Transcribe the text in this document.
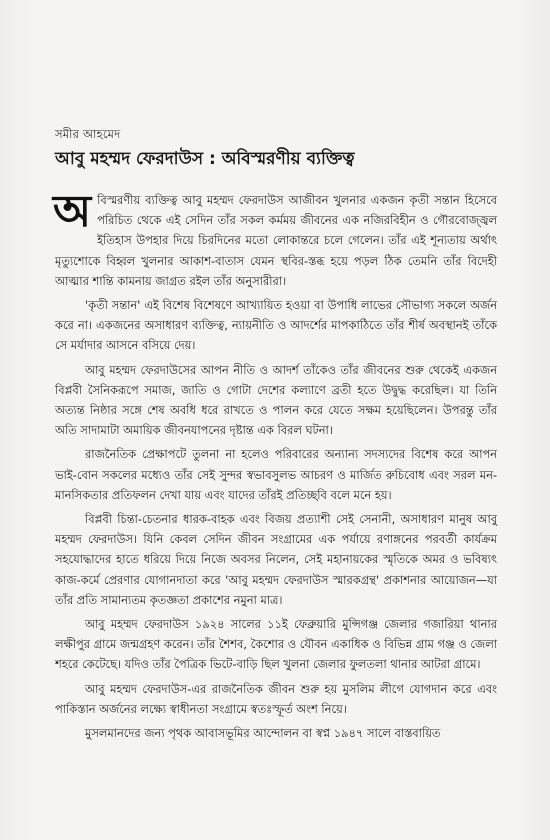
সমীর আহমেদ
আবু মহম্মদ ফেরদাউস : অবিস্মরণীয় ব্যক্তিত্ব

অবিস্মরণীয় ব্যক্তিত্ব আবু মহম্মদ ফেরদাউস আজীবন খুলনার একজন কৃতী সন্তান হিসেবে পরিচিত থেকে এই সেদিন তাঁর সকল কর্মময় জীবনের এক নজিরবিহীন ও গৌরবোজ্জ্বল ইতিহাস উপহার দিয়ে চিরদিনের মতো লোকান্তরে চলে গেলেন। তাঁর এই শূন্যতায় অর্থাৎ মৃত্যুশোকে বিহ্বল খুলনার আকাশ-বাতাস যেমন স্থবির-স্তব্ধ হয়ে পড়ল ঠিক তেমনি তাঁর বিদেহী আত্মার শান্তি কামনায় জাগ্রত রইল তাঁর অনুসারীরা।

'কৃতী সন্তান' এই বিশেষ বিশেষণে আখ্যায়িত হওয়া বা উপাধি লাভের সৌভাগ্য সকলে অর্জন করে না। একজনের অসাধারণ ব্যক্তিত্ব, ন্যায়নীতি ও আদর্শের মাপকাঠিতে তাঁর শীর্ষ অবস্থানই তাঁকে সে মর্যাদার আসনে বসিয়ে দেয়।

আবু মহম্মদ ফেরদাউসের আপন নীতি ও আদর্শ তাঁকেও তাঁর জীবনের শুরু থেকেই একজন বিপ্লবী সৈনিকরূপে সমাজ, জাতি ও গোটা দেশের কল্যাণে ব্রতী হতে উদ্বুদ্ধ করেছিল। যা তিনি অত্যন্ত নিষ্ঠার সঙ্গে শেষ অবধি ধরে রাখতে ও পালন করে যেতে সক্ষম হয়েছিলেন। উপরন্তু তাঁর অতি সাদামাটা অমায়িক জীবনযাপনের দৃষ্টান্ত এক বিরল ঘটনা।

রাজনৈতিক প্রেক্ষাপটে তুলনা না হলেও পরিবারের অন্যান্য সদস্যদের বিশেষ করে আপন ভাই-বোন সকলের মধ্যেও তাঁর সেই সুন্দর স্বভাবসুলভ আচরণ ও মার্জিত রুচিবোধ এবং সরল মন-মানসিকতার প্রতিফলন দেখা যায় এবং যাদের তাঁরই প্রতিচ্ছবি বলে মনে হয়।

বিপ্লবী চিন্তা-চেতনার ধারক-বাহক এবং বিজয় প্রত্যাশী সেই সেনানী, অসাধারণ মানুষ আবু মহম্মদ ফেরদাউস। যিনি কেবল সেদিন জীবন সংগ্রামের এক পর্যায়ে রণাঙ্গনের পরবর্তী কার্যক্রম সহযোদ্ধাদের হাতে ধরিয়ে দিয়ে নিজে অবসর নিলেন, সেই মহানায়কের স্মৃতিকে অমর ও ভবিষ্যৎ কাজ-কর্মে প্রেরণার যোগানদাতা করে 'আবু মহম্মদ ফেরদাউস স্মারকগ্রন্থ' প্রকাশনার আয়োজন—যা তাঁর প্রতি সামান্যতম কৃতজ্ঞতা প্রকাশের নমুনা মাত্র।

আবু মহম্মদ ফেরদাউস ১৯২৪ সালের ১১ই ফেব্রুয়ারি মুন্সিগঞ্জ জেলার গজারিয়া থানার লক্ষীপুর গ্রামে জন্মগ্রহণ করেন। তাঁর শৈশব, কৈশোর ও যৌবন একাধিক ও বিভিন্ন গ্রাম গঞ্জ ও জেলা শহরে কেটেছে। যদিও তাঁর পৈত্রিক ভিটে-বাড়ি ছিল খুলনা জেলার ফুলতলা থানার আটরা গ্রামে।

আবু মহম্মদ ফেরদাউস-এর রাজনৈতিক জীবন শুরু হয় মুসলিম লীগে যোগদান করে এবং পাকিস্তান অর্জনের লক্ষ্যে স্বাধীনতা সংগ্রামে স্বতঃস্ফূর্ত অংশ নিয়ে।

মুসলমানদের জন্য পৃথক আবাসভূমির আন্দোলন বা স্বপ্ন ১৯৪৭ সালে বাস্তবায়িত
